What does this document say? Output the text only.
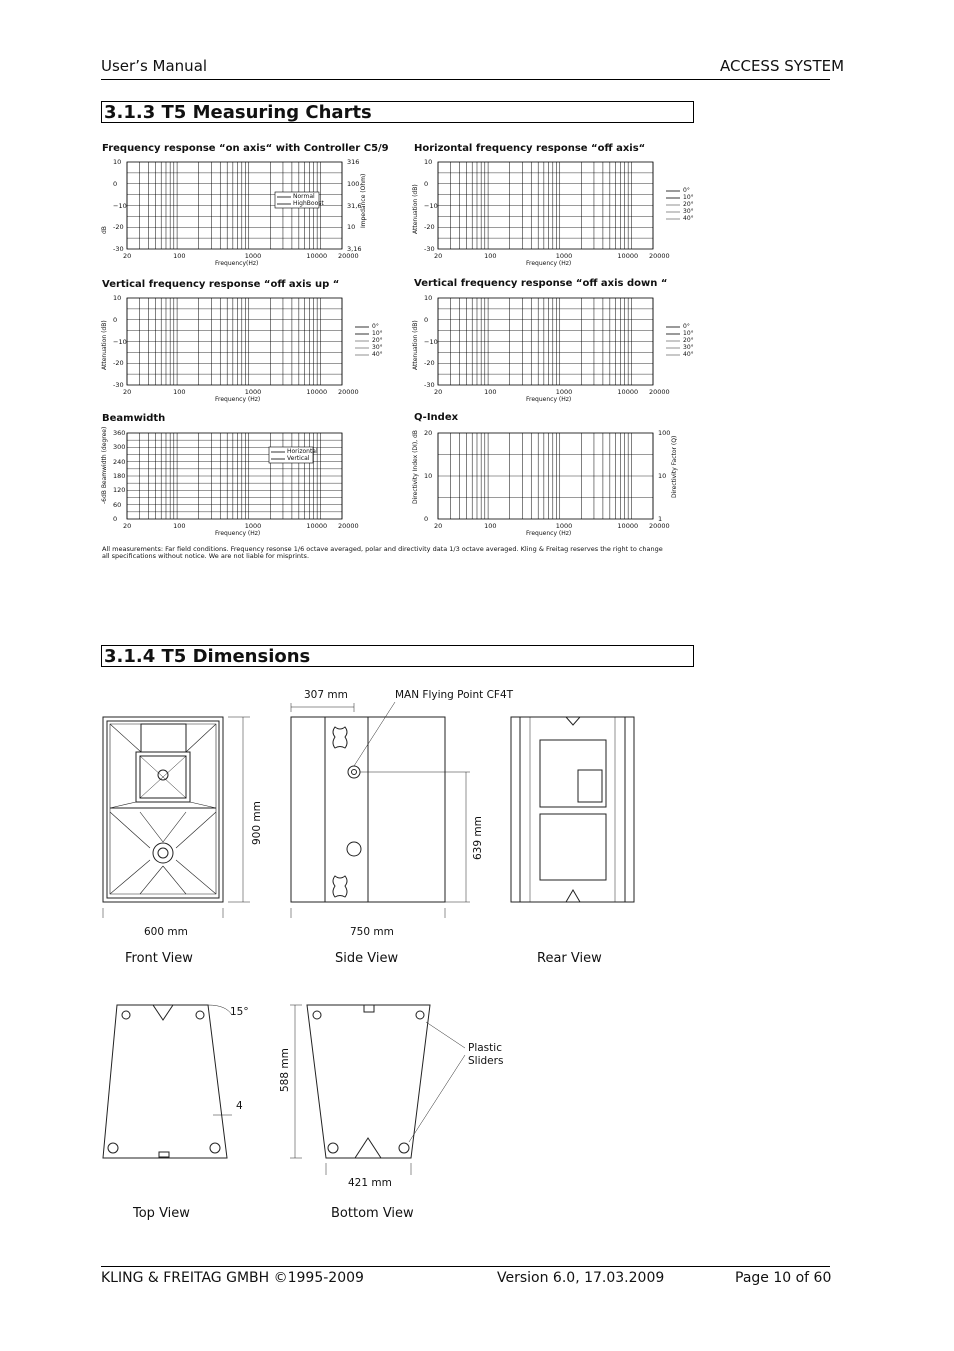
User’s Manual	ACCESS SYSTEM
3.1.3 T5 Measuring Charts
Frequency response “on axis“ with Controller C5/9	Horizontal frequency response “off axis“
Vertical frequency response “off axis up “	Vertical frequency response “off axis down “
Beamwidth	Q-Index
10
0
−10
-20
-30
316
100
31,6
10
3,16
20	100	1000	10000 20000
Frequency(Hz)
dB
Impedance (Ohm)
Normal
HighBoost
10
0
−10
-20
-30
20	100	1000	10000 20000
Frequency (Hz)
Attenuation (dB)	0°
10°
20°
30°
40°
10
0
−10
-20
-30
20	100	1000	10000 20000
Frequency (Hz)
Attenuation (dB)	0°
10°
20°
30°
40°
10
0
−10
-20
-30
20	100	1000	10000 20000
Frequency (Hz)
Attenuation (dB)	0°
10°
20°
30°
40°
360
300
240
180
120
60
0
20	100	1000	10000 20000
Frequency (Hz)
-6dB Beamwidth (degree)	Horizontal
Vertical
20
10
0
100
10
1
20	100	1000	10000 20000
Frequency (Hz)
Directivity Index (DI), dB	Directivity Factor (Q)
All measurements: Far field conditions. Frequency resonse 1/6 octave averaged, polar and directivity data 1/3 octave averaged. Kling & Freitag reserves the right to change all specifications without notice. We are not liable for misprints.
3.1.4 T5 Dimensions
307 mm	MAN Flying Point CF4T
900 mm	639 mm
600 mm	750 mm
15°
4
588 mm
421 mm
Plastic
Sliders
Front View	Side View	Rear View
Top View	Bottom View
KLING & FREITAG GMBH ©1995-2009	Version 6.0, 17.03.2009	Page 10 of 60
